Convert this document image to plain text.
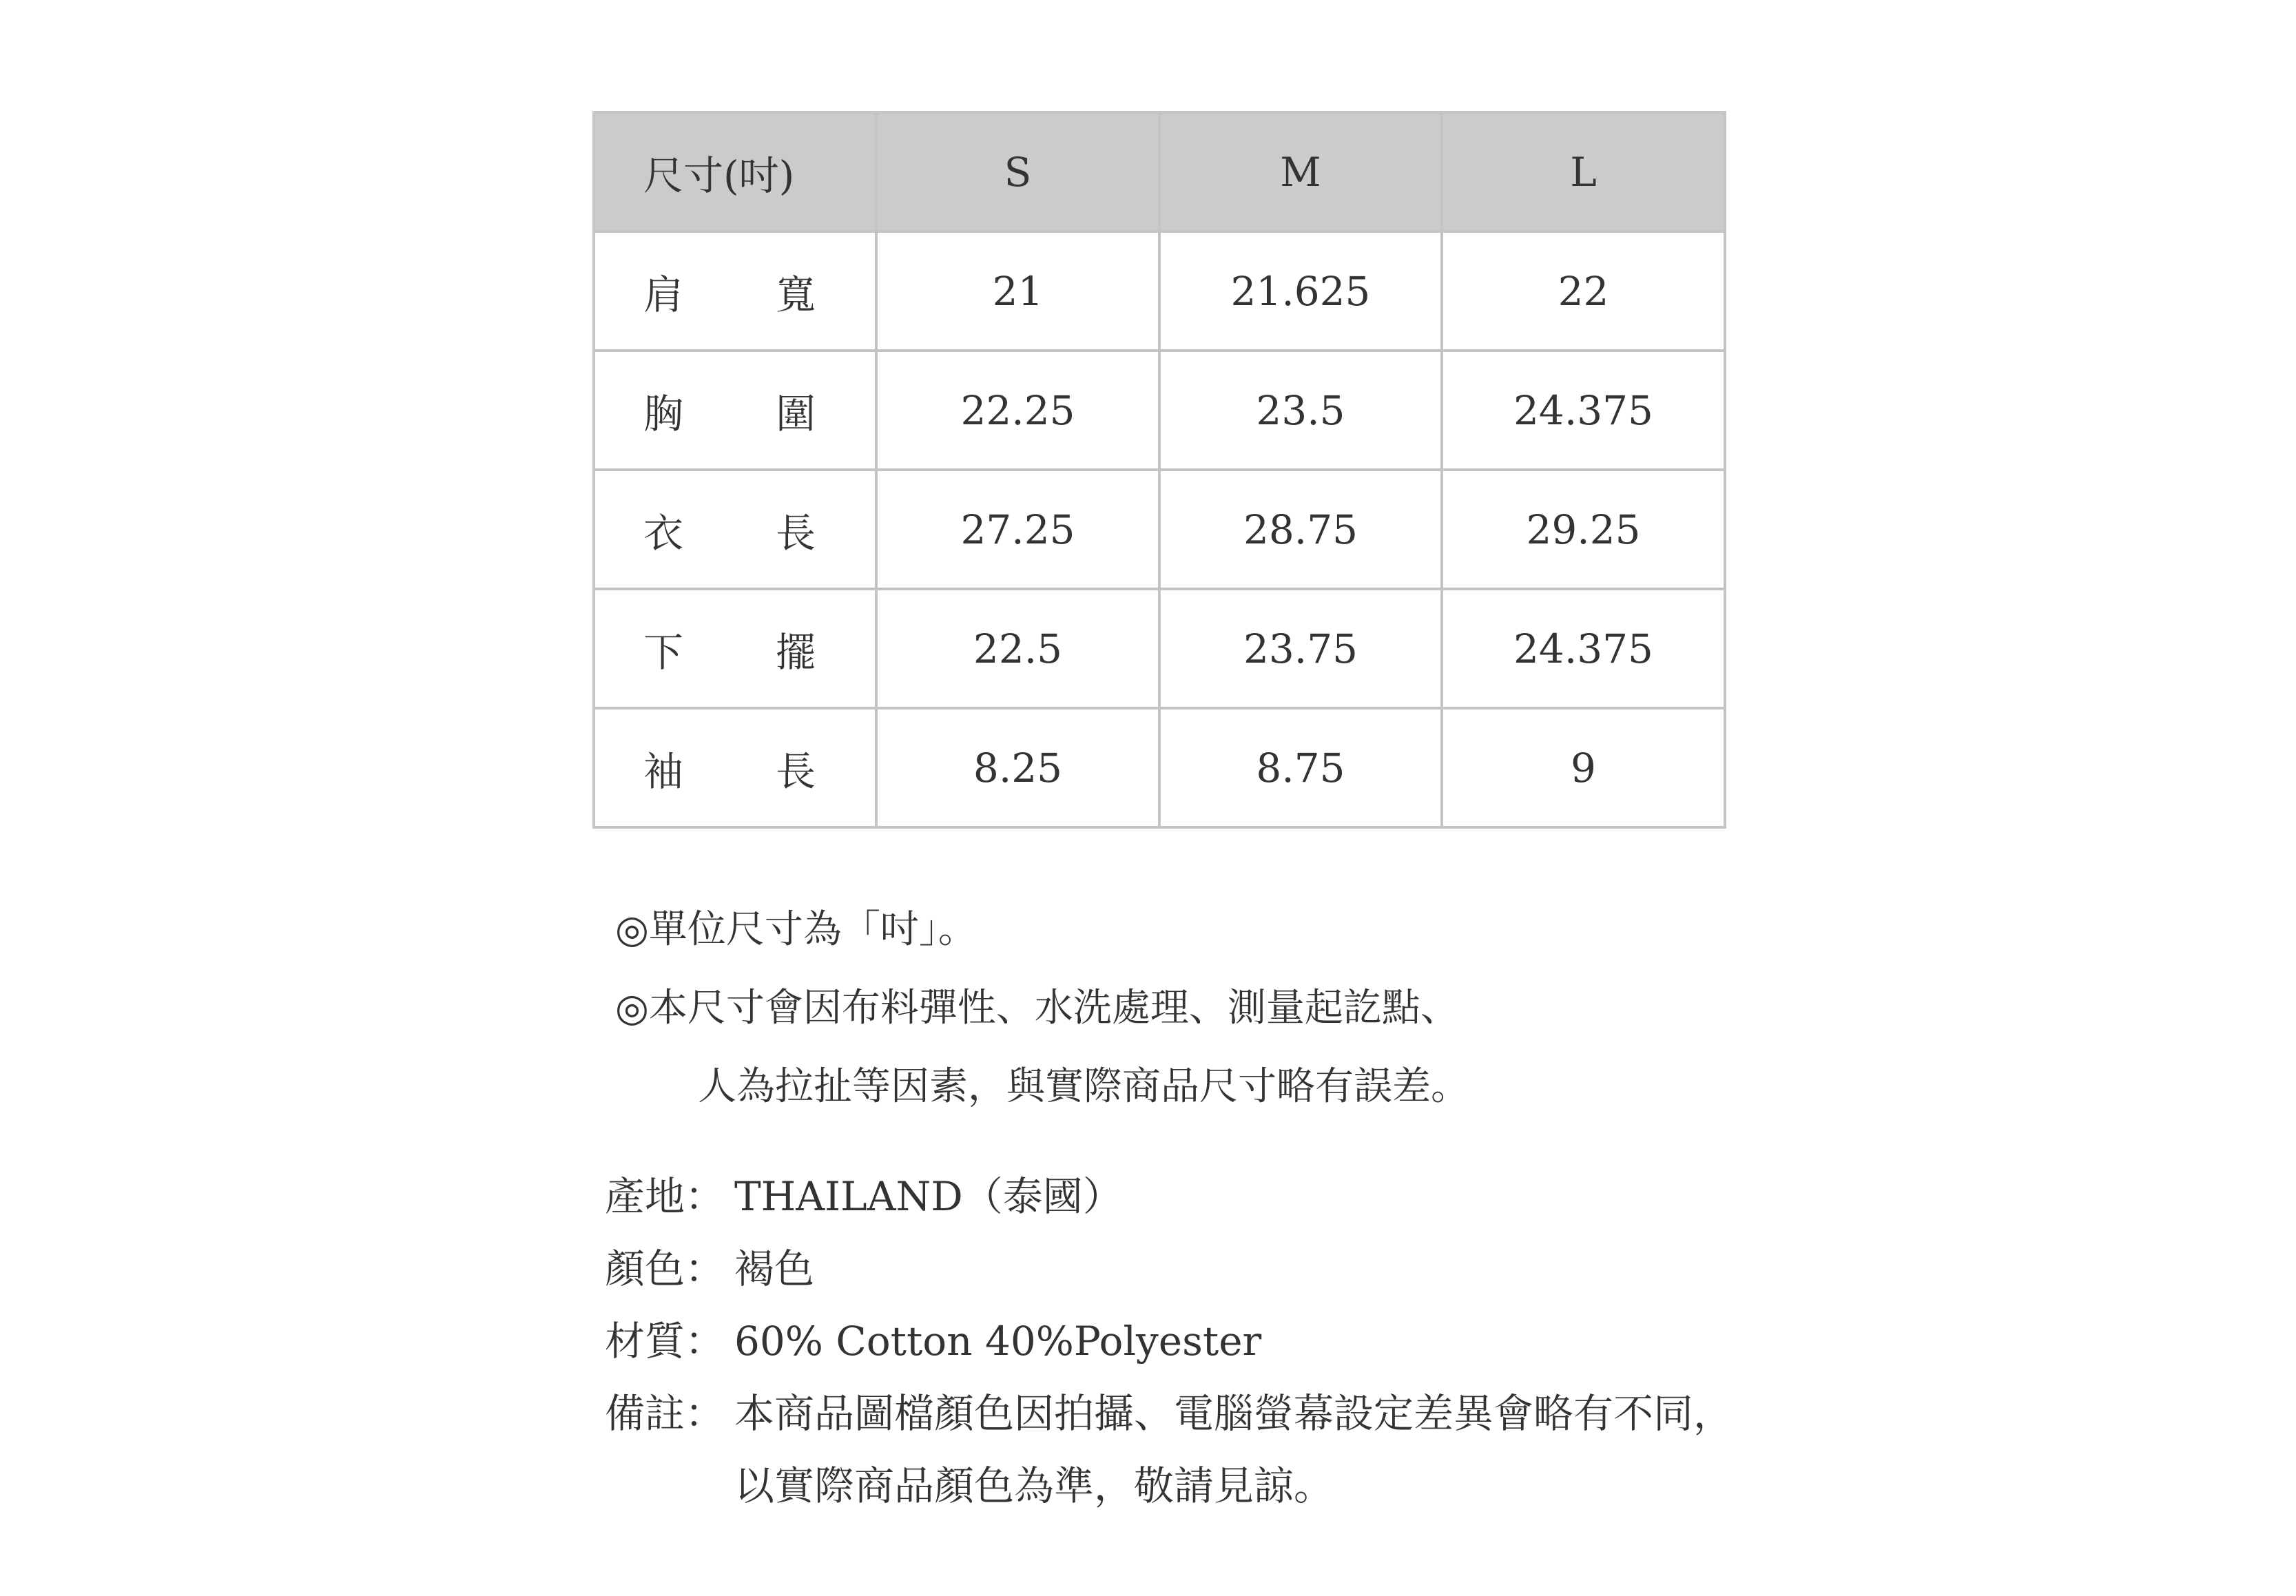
尺寸(吋)	S	M	L

肩 寬	21	21.625	22

胸 圍	22.25	23.5	24.375

衣 長	27.25	28.75	29.25

下 擺	22.5	23.75	24.375

袖 長	8.25	8.75	9
◎單位尺寸為「吋」。
◎本尺寸會因布料彈性、水洗處理、測量起訖點、
人為拉扯等因素，與實際商品尺寸略有誤差。
產地： THAILAND（泰國）
顏色： 褐色
材質： 60% Cotton 40%Polyester
備註： 本商品圖檔顏色因拍攝、電腦螢幕設定差異會略有不同，
以實際商品顏色為準，敬請見諒。
